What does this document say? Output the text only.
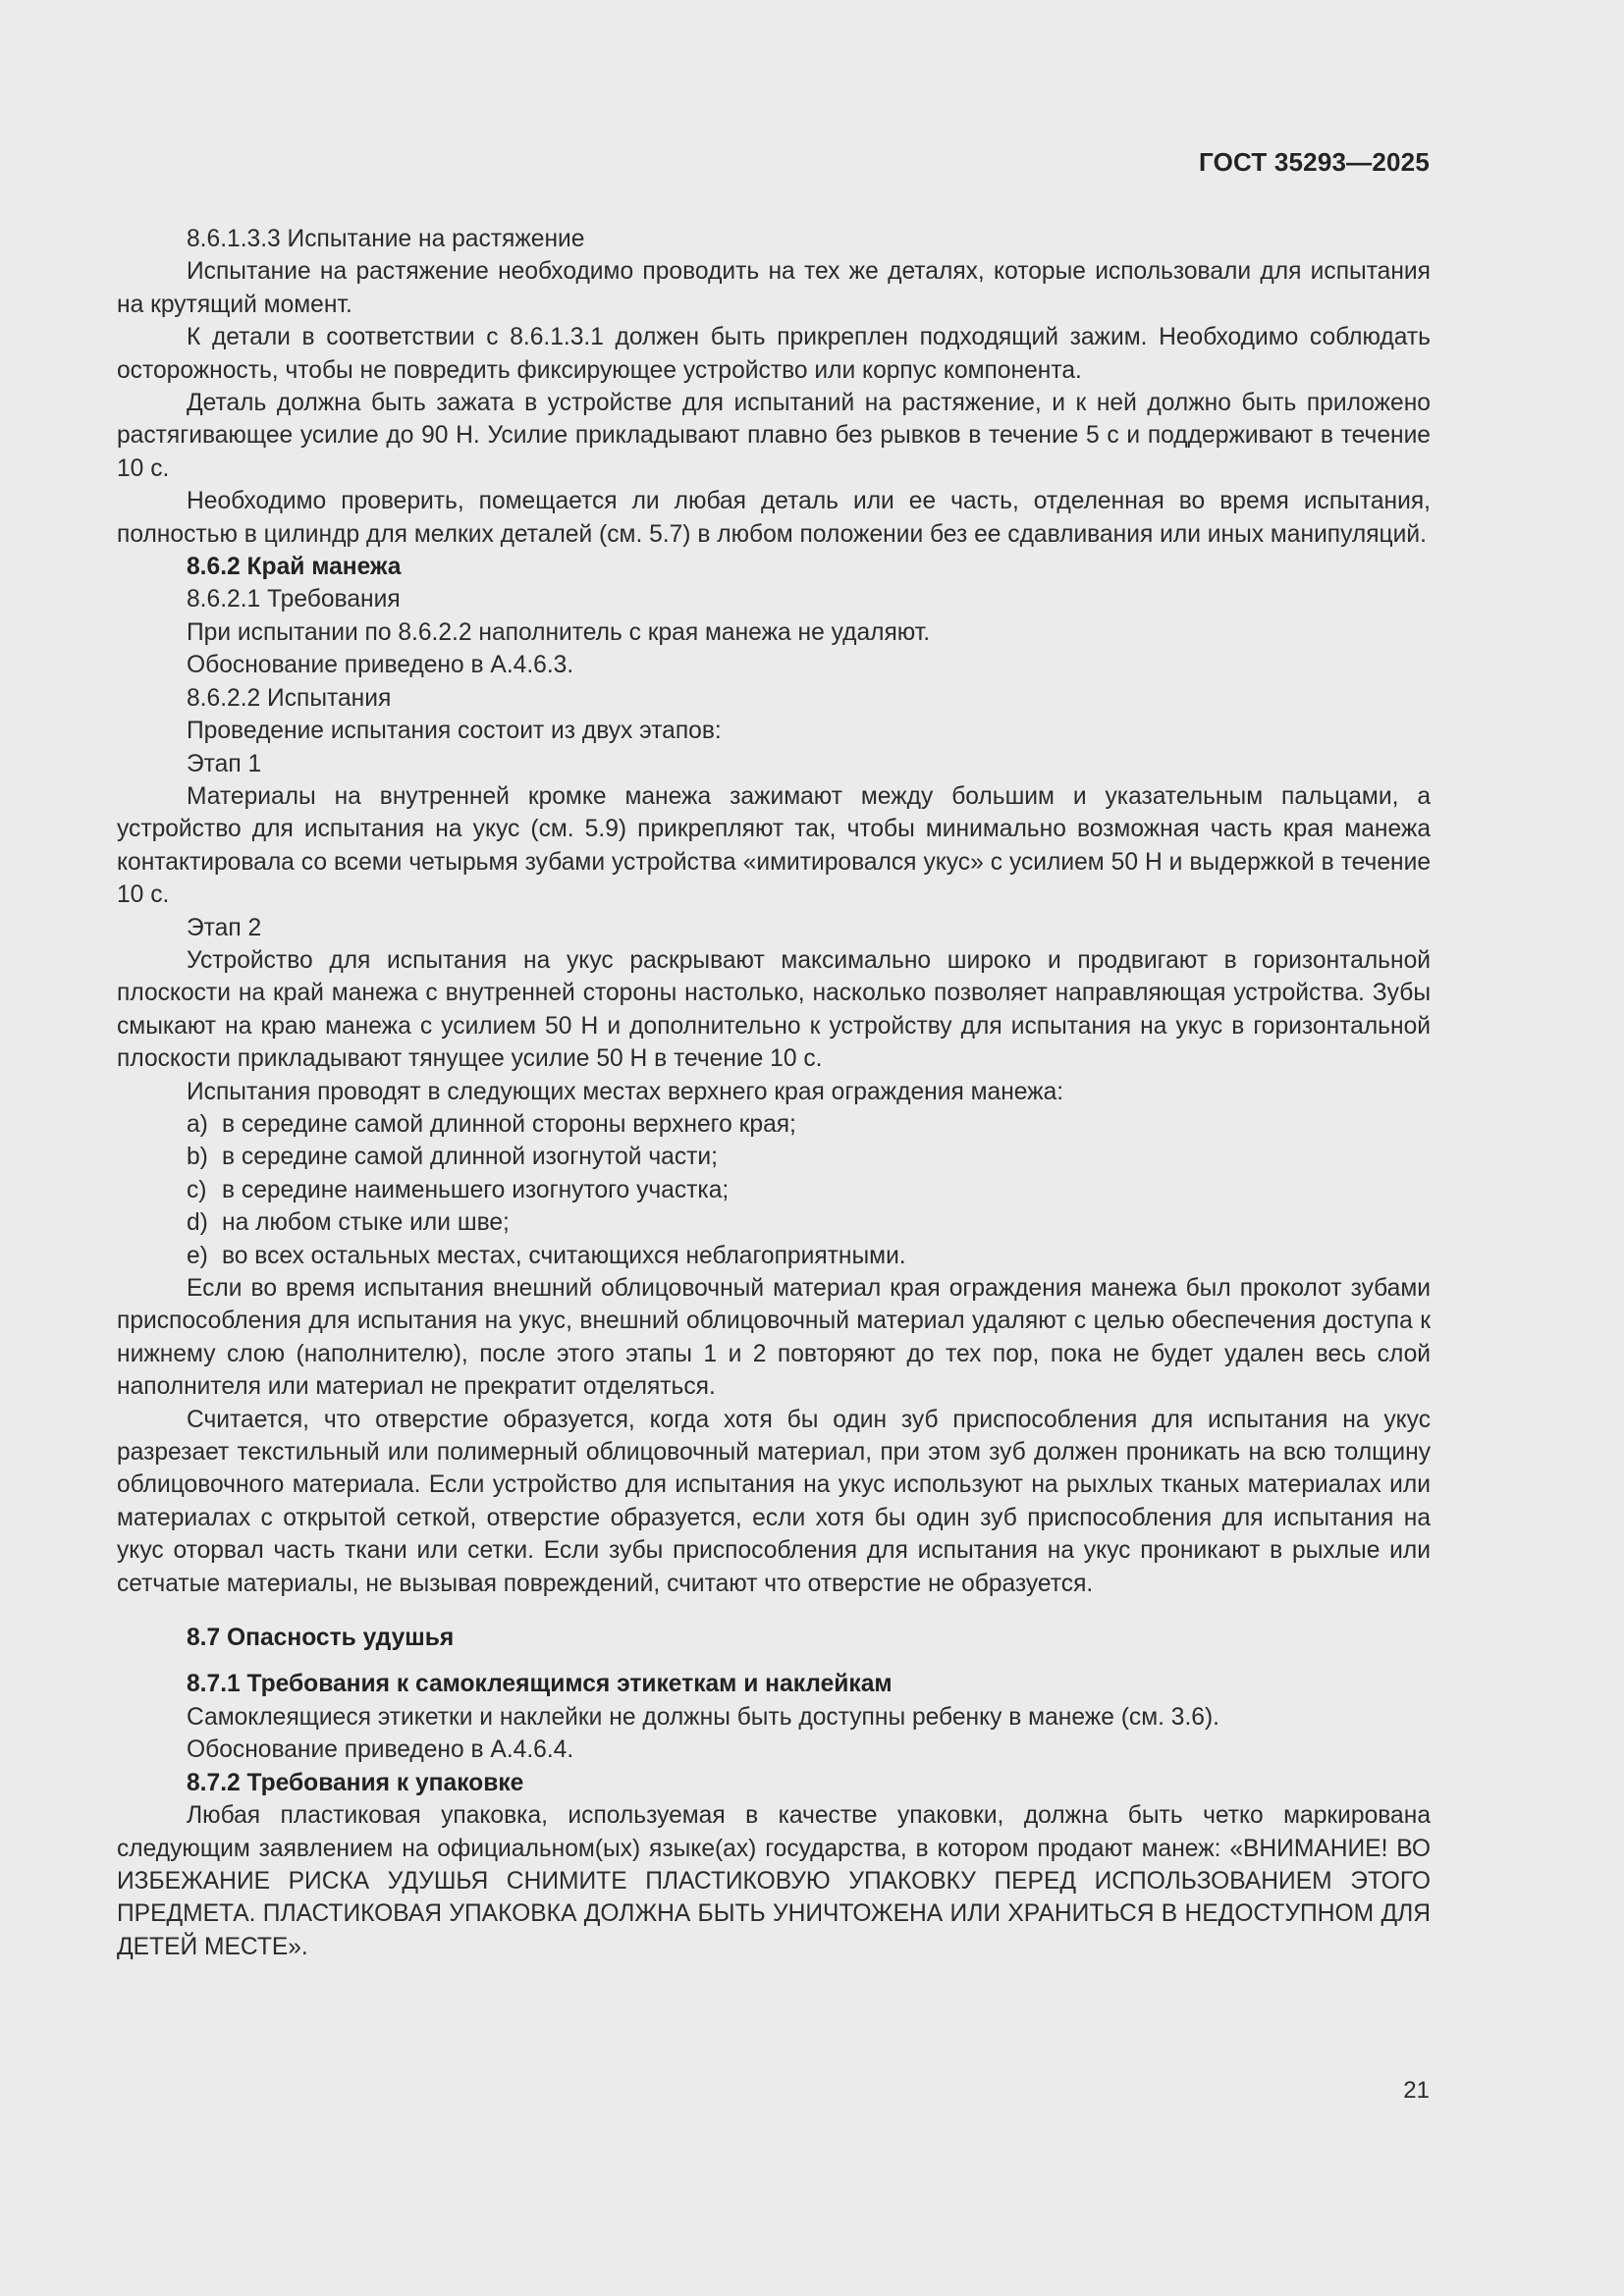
ГОСТ 35293—2025

8.6.1.3.3 Испытание на растяжение

Испытание на растяжение необходимо проводить на тех же деталях, которые использовали для испытания на крутящий момент.

К детали в соответствии с 8.6.1.3.1 должен быть прикреплен подходящий зажим. Необходимо соблюдать осторожность, чтобы не повредить фиксирующее устройство или корпус компонента.

Деталь должна быть зажата в устройстве для испытаний на растяжение, и к ней должно быть приложено растягивающее усилие до 90 Н. Усилие прикладывают плавно без рывков в течение 5 с и поддерживают в течение 10 с.

Необходимо проверить, помещается ли любая деталь или ее часть, отделенная во время испытания, полностью в цилиндр для мелких деталей (см. 5.7) в любом положении без ее сдавливания или иных манипуляций.

8.6.2 Край манежа

8.6.2.1 Требования

При испытании по 8.6.2.2 наполнитель с края манежа не удаляют.

Обоснование приведено в А.4.6.3.

8.6.2.2 Испытания

Проведение испытания состоит из двух этапов:

Этап 1

Материалы на внутренней кромке манежа зажимают между большим и указательным пальцами, а устройство для испытания на укус (см. 5.9) прикрепляют так, чтобы минимально возможная часть края манежа контактировала со всеми четырьмя зубами устройства «имитировался укус» с усилием 50 Н и выдержкой в течение 10 с.

Этап 2

Устройство для испытания на укус раскрывают максимально широко и продвигают в горизонтальной плоскости на край манежа с внутренней стороны настолько, насколько позволяет направляющая устройства. Зубы смыкают на краю манежа с усилием 50 Н и дополнительно к устройству для испытания на укус в горизонтальной плоскости прикладывают тянущее усилие 50 Н в течение 10 с.

Испытания проводят в следующих местах верхнего края ограждения манежа:

a) в середине самой длинной стороны верхнего края;

b) в середине самой длинной изогнутой части;

c) в середине наименьшего изогнутого участка;

d) на любом стыке или шве;

e) во всех остальных местах, считающихся неблагоприятными.

Если во время испытания внешний облицовочный материал края ограждения манежа был проколот зубами приспособления для испытания на укус, внешний облицовочный материал удаляют с целью обеспечения доступа к нижнему слою (наполнителю), после этого этапы 1 и 2 повторяют до тех пор, пока не будет удален весь слой наполнителя или материал не прекратит отделяться.

Считается, что отверстие образуется, когда хотя бы один зуб приспособления для испытания на укус разрезает текстильный или полимерный облицовочный материал, при этом зуб должен проникать на всю толщину облицовочного материала. Если устройство для испытания на укус используют на рыхлых тканых материалах или материалах с открытой сеткой, отверстие образуется, если хотя бы один зуб приспособления для испытания на укус оторвал часть ткани или сетки. Если зубы приспособления для испытания на укус проникают в рыхлые или сетчатые материалы, не вызывая повреждений, считают что отверстие не образуется.

8.7 Опасность удушья

8.7.1 Требования к самоклеящимся этикеткам и наклейкам

Самоклеящиеся этикетки и наклейки не должны быть доступны ребенку в манеже (см. 3.6).

Обоснование приведено в А.4.6.4.

8.7.2 Требования к упаковке

Любая пластиковая упаковка, используемая в качестве упаковки, должна быть четко маркирована следующим заявлением на официальном(ых) языке(ах) государства, в котором продают манеж: «ВНИМАНИЕ! ВО ИЗБЕЖАНИЕ РИСКА УДУШЬЯ СНИМИТЕ ПЛАСТИКОВУЮ УПАКОВКУ ПЕРЕД ИСПОЛЬЗОВАНИЕМ ЭТОГО ПРЕДМЕТА. ПЛАСТИКОВАЯ УПАКОВКА ДОЛЖНА БЫТЬ УНИЧТОЖЕНА ИЛИ ХРАНИТЬСЯ В НЕДОСТУПНОМ ДЛЯ ДЕТЕЙ МЕСТЕ».

21
